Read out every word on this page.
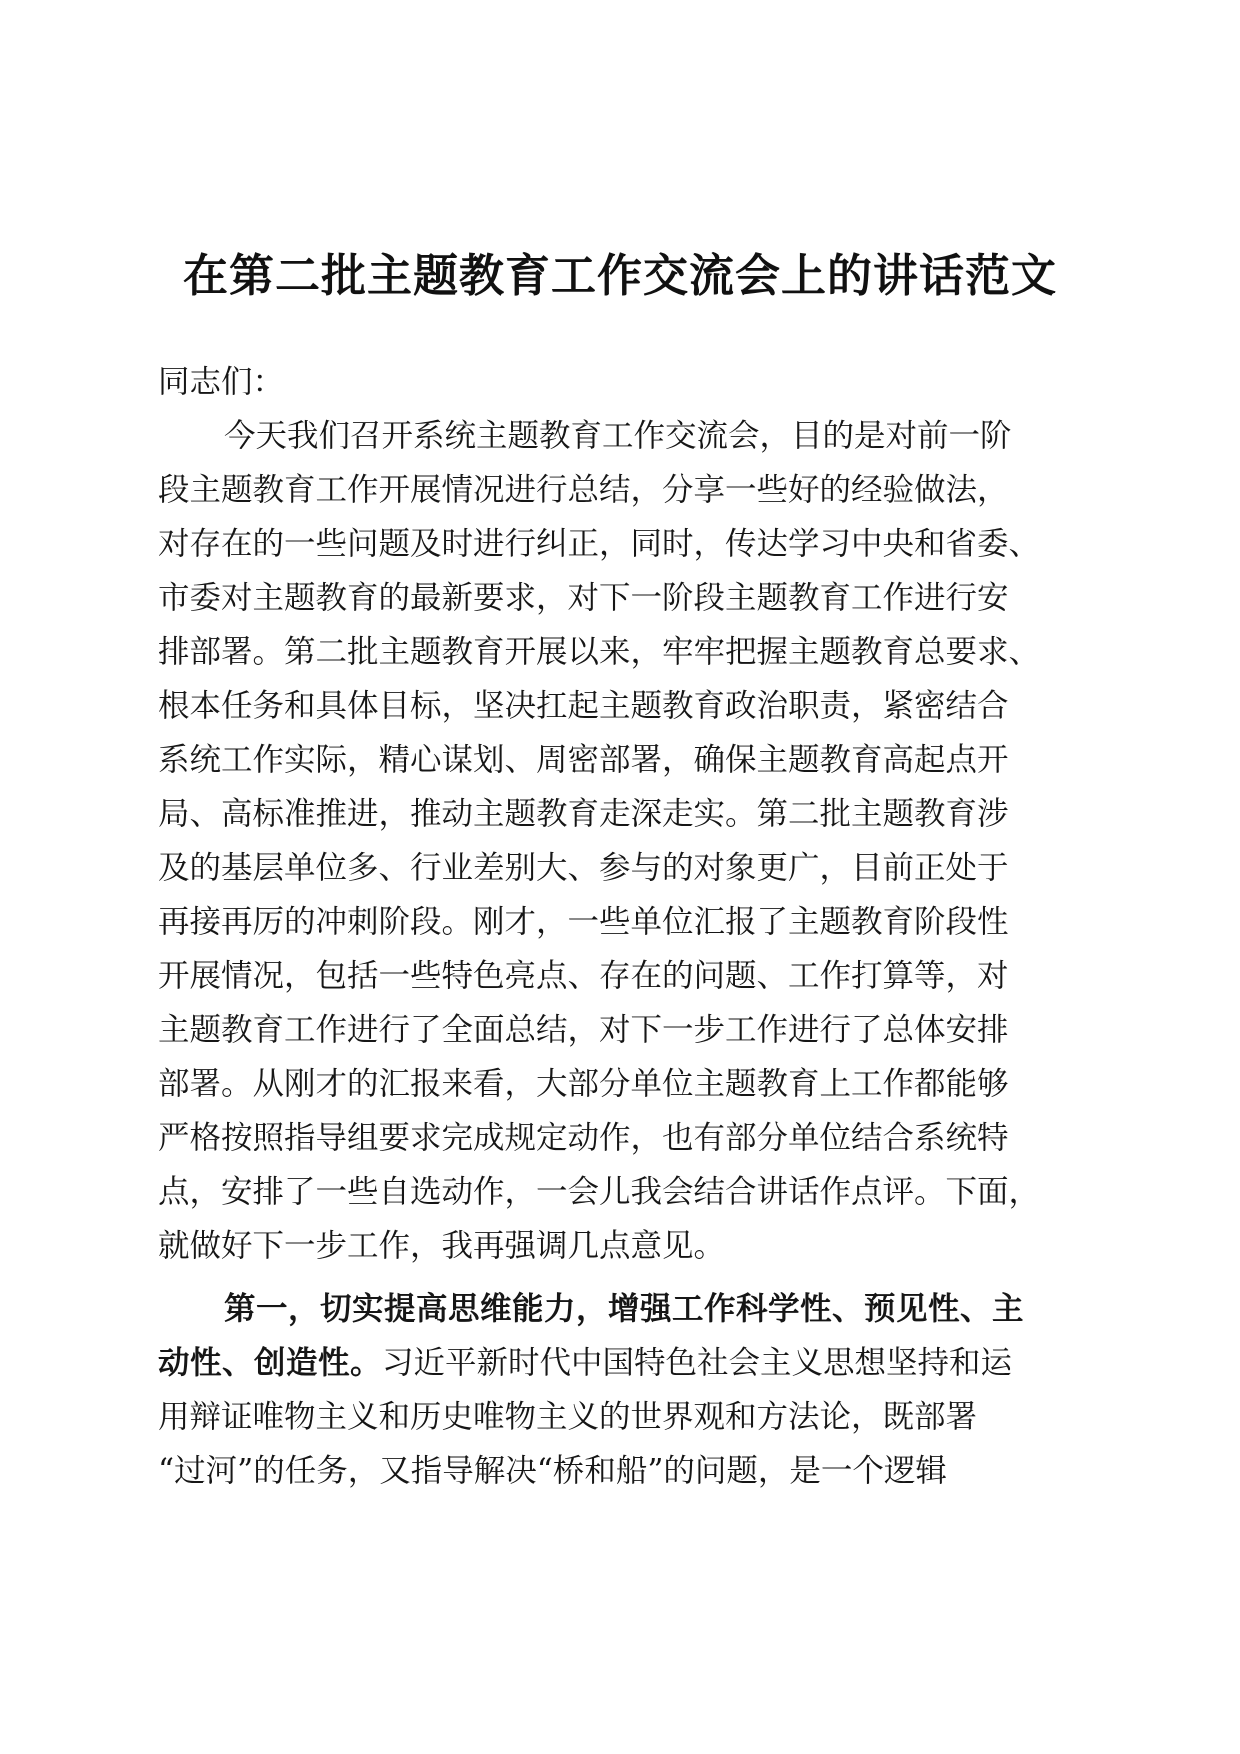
在第二批主题教育工作交流会上的讲话范文

同志们：

今天我们召开系统主题教育工作交流会，目的是对前一阶
段主题教育工作开展情况进行总结，分享一些好的经验做法，
对存在的一些问题及时进行纠正，同时，传达学习中央和省委、
市委对主题教育的最新要求，对下一阶段主题教育工作进行安
排部署。第二批主题教育开展以来，牢牢把握主题教育总要求、
根本任务和具体目标，坚决扛起主题教育政治职责，紧密结合
系统工作实际，精心谋划、周密部署，确保主题教育高起点开
局、高标准推进，推动主题教育走深走实。第二批主题教育涉
及的基层单位多、行业差别大、参与的对象更广，目前正处于
再接再厉的冲刺阶段。刚才，一些单位汇报了主题教育阶段性
开展情况，包括一些特色亮点、存在的问题、工作打算等，对
主题教育工作进行了全面总结，对下一步工作进行了总体安排
部署。从刚才的汇报来看，大部分单位主题教育上工作都能够
严格按照指导组要求完成规定动作，也有部分单位结合系统特
点，安排了一些自选动作，一会儿我会结合讲话作点评。下面，
就做好下一步工作，我再强调几点意见。
第一，切实提高思维能力，增强工作科学性、预见性、主
动性、创造性。习近平新时代中国特色社会主义思想坚持和运
用辩证唯物主义和历史唯物主义的世界观和方法论，既部署
“过河”的任务，又指导解决“桥和船”的问题，是一个逻辑
